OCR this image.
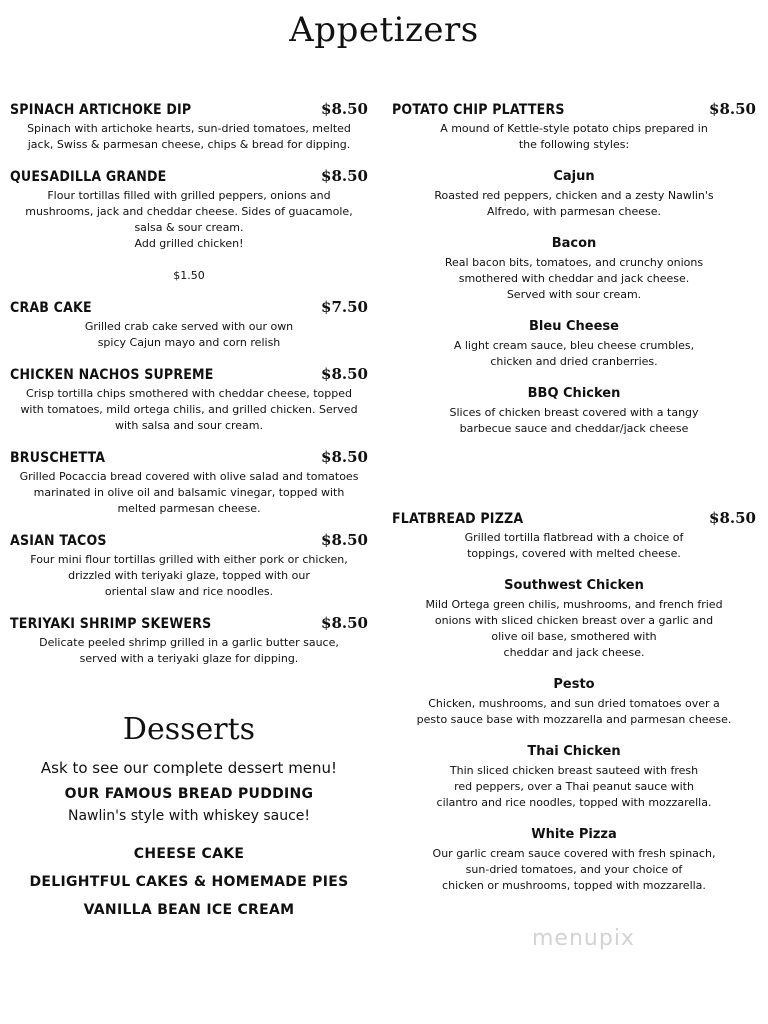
Appetizers
SPINACH ARTICHOKE DIP	$8.50
Spinach with artichoke hearts, sun-dried tomatoes, melted
jack, Swiss & parmesan cheese, chips & bread for dipping.
QUESADILLA GRANDE	$8.50
Flour tortillas filled with grilled peppers, onions and
mushrooms, jack and cheddar cheese. Sides of guacamole,
salsa & sour cream.
Add grilled chicken!

$1.50
CRAB CAKE	$7.50
Grilled crab cake served with our own
spicy Cajun mayo and corn relish
CHICKEN NACHOS SUPREME	$8.50
Crisp tortilla chips smothered with cheddar cheese, topped
with tomatoes, mild ortega chilis, and grilled chicken. Served
with salsa and sour cream.
BRUSCHETTA	$8.50
Grilled Pocaccia bread covered with olive salad and tomatoes
marinated in olive oil and balsamic vinegar, topped with
melted parmesan cheese.
ASIAN TACOS	$8.50
Four mini flour tortillas grilled with either pork or chicken,
drizzled with teriyaki glaze, topped with our
oriental slaw and rice noodles.
TERIYAKI SHRIMP SKEWERS	$8.50
Delicate peeled shrimp grilled in a garlic butter sauce,
served with a teriyaki glaze for dipping.
Desserts
Ask to see our complete dessert menu!
OUR FAMOUS BREAD PUDDING
Nawlin's style with whiskey sauce!
CHEESE CAKE
DELIGHTFUL CAKES & HOMEMADE PIES
VANILLA BEAN ICE CREAM
POTATO CHIP PLATTERS	$8.50
A mound of Kettle-style potato chips prepared in
the following styles:
Cajun
Roasted red peppers, chicken and a zesty Nawlin's
Alfredo, with parmesan cheese.
Bacon
Real bacon bits, tomatoes, and crunchy onions
smothered with cheddar and jack cheese.
Served with sour cream.
Bleu Cheese
A light cream sauce, bleu cheese crumbles,
chicken and dried cranberries.
BBQ Chicken
Slices of chicken breast covered with a tangy
barbecue sauce and cheddar/jack cheese
FLATBREAD PIZZA	$8.50
Grilled tortilla flatbread with a choice of
toppings, covered with melted cheese.
Southwest Chicken
Mild Ortega green chilis, mushrooms, and french fried
onions with sliced chicken breast over a garlic and
olive oil base, smothered with
cheddar and jack cheese.
Pesto
Chicken, mushrooms, and sun dried tomatoes over a
pesto sauce base with mozzarella and parmesan cheese.
Thai Chicken
Thin sliced chicken breast sauteed with fresh
red peppers, over a Thai peanut sauce with
cilantro and rice noodles, topped with mozzarella.
White Pizza
Our garlic cream sauce covered with fresh spinach,
sun-dried tomatoes, and your choice of
chicken or mushrooms, topped with mozzarella.
menupix
